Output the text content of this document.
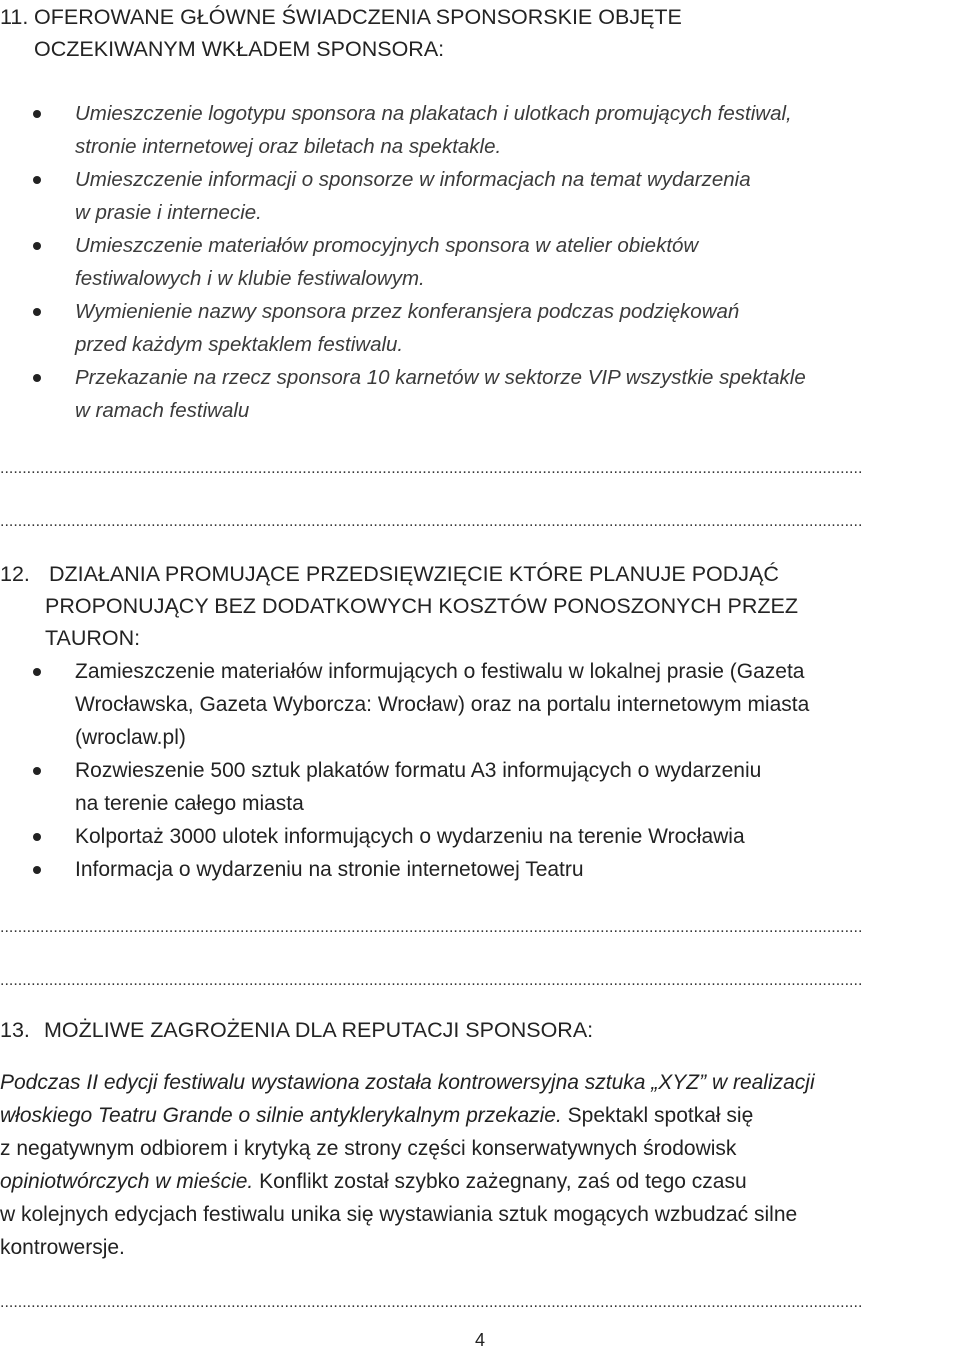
11. OFEROWANE GŁÓWNE ŚWIADCZENIA SPONSORSKIE OBJĘTE
OCZEKIWANYM WKŁADEM SPONSORA:
Umieszczenie logotypu sponsora na plakatach i ulotkach promujących festiwal,
stronie internetowej oraz biletach na spektakle.
Umieszczenie informacji o sponsorze w informacjach na temat wydarzenia
w prasie i internecie.
Umieszczenie materiałów promocyjnych sponsora w atelier obiektów
festiwalowych i w klubie festiwalowym.
Wymienienie nazwy sponsora przez konferansjera podczas podziękowań
przed każdym spektaklem festiwalu.
Przekazanie na rzecz sponsora 10 karnetów w sektorze VIP wszystkie spektakle
w ramach festiwalu
..................................................................................................................................................................................................
..................................................................................................................................................................................................
12. DZIAŁANIA PROMUJĄCE PRZEDSIĘWZIĘCIE KTÓRE PLANUJE PODJĄĆ
PROPONUJĄCY BEZ DODATKOWYCH KOSZTÓW PONOSZONYCH PRZEZ
TAURON:
Zamieszczenie materiałów informujących o festiwalu w lokalnej prasie (Gazeta
Wrocławska, Gazeta Wyborcza: Wrocław) oraz na portalu internetowym miasta
(wroclaw.pl)
Rozwieszenie 500 sztuk plakatów formatu A3 informujących o wydarzeniu
na terenie całego miasta
Kolportaż 3000 ulotek informujących o wydarzeniu na terenie Wrocławia
Informacja o wydarzeniu na stronie internetowej Teatru
..................................................................................................................................................................................................
..................................................................................................................................................................................................
13. MOŻLIWE ZAGROŻENIA DLA REPUTACJI SPONSORA:
Podczas II edycji festiwalu wystawiona została kontrowersyjna sztuka „XYZ” w realizacji
włoskiego Teatru Grande o silnie antyklerykalnym przekazie. Spektakl spotkał się
z negatywnym odbiorem i krytyką ze strony części konserwatywnych środowisk
opiniotwórczych w mieście. Konflikt został szybko zażegnany, zaś od tego czasu
w kolejnych edycjach festiwalu unika się wystawiania sztuk mogących wzbudzać silne
kontrowersje.
..................................................................................................................................................................................................
4
